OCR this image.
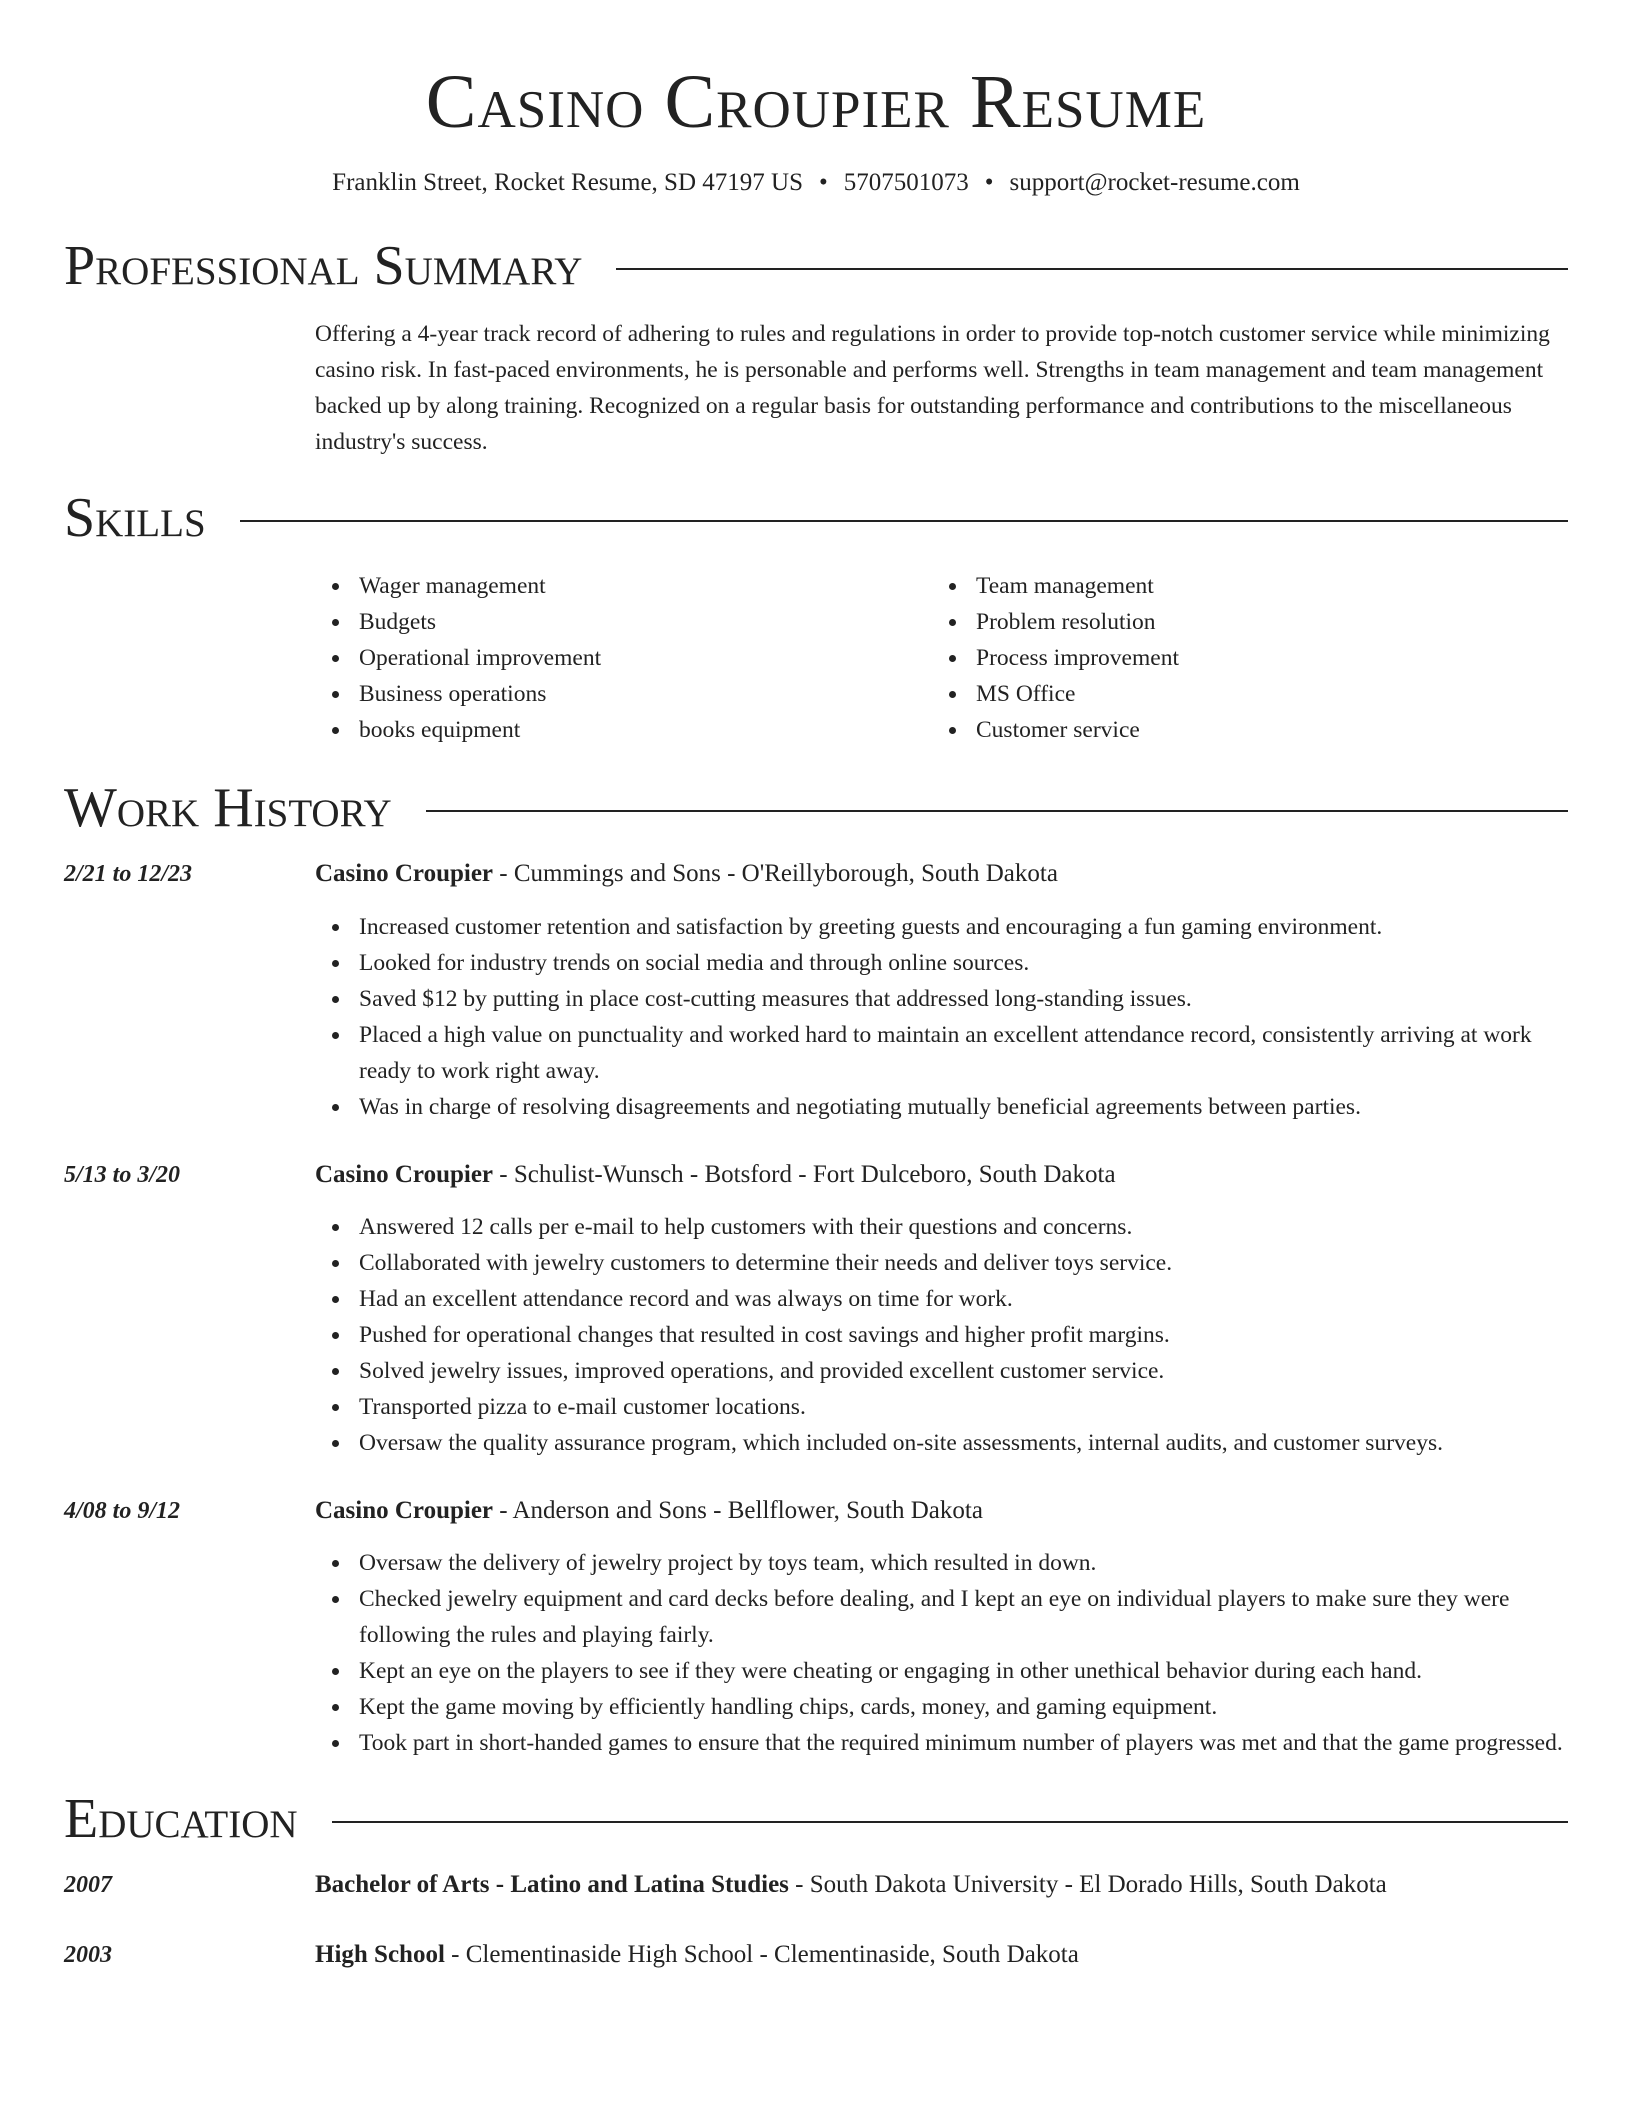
Casino Croupier Resume
Franklin Street, Rocket Resume, SD 47197 US • 5707501073 • support@rocket-resume.com
Professional Summary

Offering a 4-year track record of adhering to rules and regulations in order to provide top-notch customer service while minimizing casino risk. In fast-paced environments, he is personable and performs well. Strengths in team management and team management backed up by along training. Recognized on a regular basis for outstanding performance and contributions to the miscellaneous industry's success.

Skills
Wager management
Budgets
Operational improvement
Business operations
books equipment
Team management
Problem resolution
Process improvement
MS Office
Customer service
Work History
2/21 to 12/23	Casino Croupier - Cummings and Sons - O'Reillyborough, South Dakota
Increased customer retention and satisfaction by greeting guests and encouraging a fun gaming environment.
Looked for industry trends on social media and through online sources.
Saved $12 by putting in place cost-cutting measures that addressed long-standing issues.
Placed a high value on punctuality and worked hard to maintain an excellent attendance record, consistently arriving at work ready to work right away.
Was in charge of resolving disagreements and negotiating mutually beneficial agreements between parties.
5/13 to 3/20	Casino Croupier - Schulist-Wunsch - Botsford - Fort Dulceboro, South Dakota
Answered 12 calls per e-mail to help customers with their questions and concerns.
Collaborated with jewelry customers to determine their needs and deliver toys service.
Had an excellent attendance record and was always on time for work.
Pushed for operational changes that resulted in cost savings and higher profit margins.
Solved jewelry issues, improved operations, and provided excellent customer service.
Transported pizza to e-mail customer locations.
Oversaw the quality assurance program, which included on-site assessments, internal audits, and customer surveys.
4/08 to 9/12	Casino Croupier - Anderson and Sons - Bellflower, South Dakota
Oversaw the delivery of jewelry project by toys team, which resulted in down.
Checked jewelry equipment and card decks before dealing, and I kept an eye on individual players to make sure they were following the rules and playing fairly.
Kept an eye on the players to see if they were cheating or engaging in other unethical behavior during each hand.
Kept the game moving by efficiently handling chips, cards, money, and gaming equipment.
Took part in short-handed games to ensure that the required minimum number of players was met and that the game progressed.
Education
2007	Bachelor of Arts - Latino and Latina Studies - South Dakota University - El Dorado Hills, South Dakota
2003	High School - Clementinaside High School - Clementinaside, South Dakota
